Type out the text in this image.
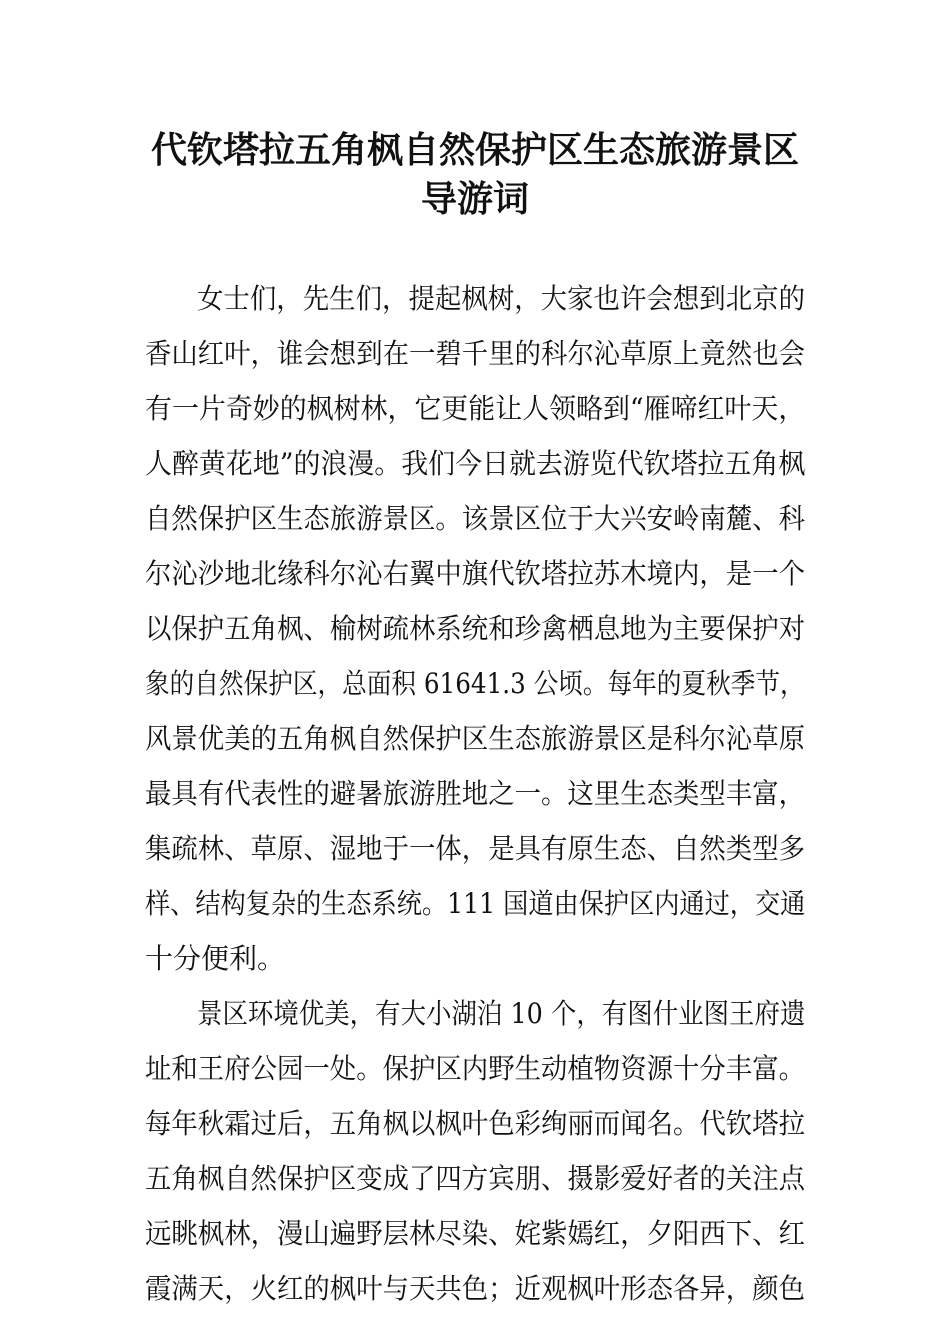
代钦塔拉五角枫自然保护区生态旅游景区
导游词
女士们，先生们，提起枫树，大家也许会想到北京的
香山红叶，谁会想到在一碧千里的科尔沁草原上竟然也会
有一片奇妙的枫树林，它更能让人领略到“雁啼红叶天，
人醉黄花地”的浪漫。我们今日就去游览代钦塔拉五角枫
自然保护区生态旅游景区。该景区位于大兴安岭南麓、科
尔沁沙地北缘科尔沁右翼中旗代钦塔拉苏木境内，是一个
以保护五角枫、榆树疏林系统和珍禽栖息地为主要保护对
象的自然保护区，总面积 61641.3 公顷。每年的夏秋季节，
风景优美的五角枫自然保护区生态旅游景区是科尔沁草原
最具有代表性的避暑旅游胜地之一。这里生态类型丰富，
集疏林、草原、湿地于一体，是具有原生态、自然类型多
样、结构复杂的生态系统。111 国道由保护区内通过，交通
十分便利。
景区环境优美，有大小湖泊 10 个，有图什业图王府遗
址和王府公园一处。保护区内野生动植物资源十分丰富。
每年秋霜过后，五角枫以枫叶色彩绚丽而闻名。代钦塔拉
五角枫自然保护区变成了四方宾朋、摄影爱好者的关注点
远眺枫林，漫山遍野层林尽染、姹紫嫣红，夕阳西下、红
霞满天，火红的枫叶与天共色；近观枫叶形态各异，颜色
